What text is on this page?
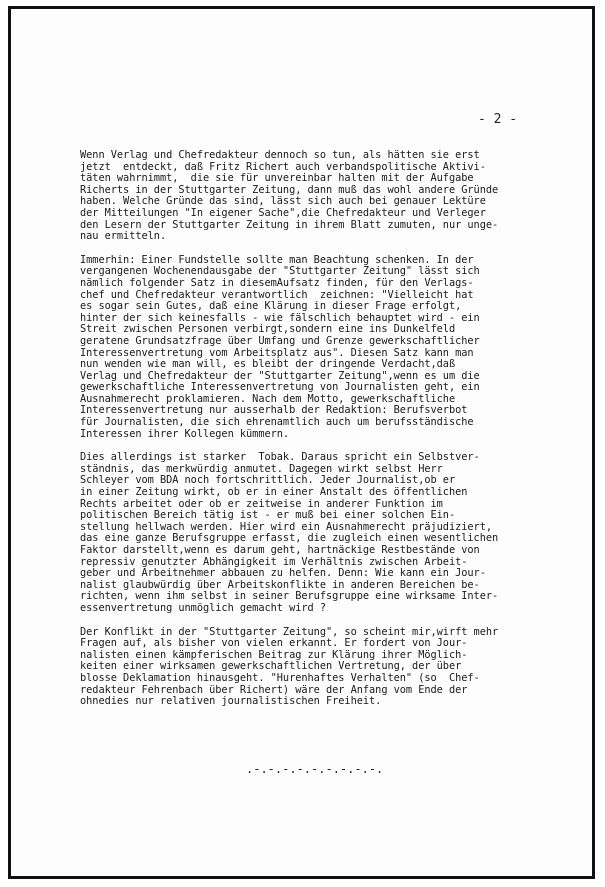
- 2 -

Wenn Verlag und Chefredakteur dennoch so tun, als hätten sie erst
jetzt  entdeckt, daß Fritz Richert auch verbandspolitische Aktivi-
täten wahrnimmt,  die sie für unvereinbar halten mit der Aufgabe
Richerts in der Stuttgarter Zeitung, dann muß das wohl andere Gründe
haben. Welche Gründe das sind, lässt sich auch bei genauer Lektüre
der Mitteilungen "In eigener Sache",die Chefredakteur und Verleger
den Lesern der Stuttgarter Zeitung in ihrem Blatt zumuten, nur unge-
nau ermitteln.

Immerhin: Einer Fundstelle sollte man Beachtung schenken. In der
vergangenen Wochenendausgabe der "Stuttgarter Zeitung" lässt sich
nämlich folgender Satz in diesemAufsatz finden, für den Verlags-
chef und Chefredakteur verantwortlich  zeichnen: "Vielleicht hat
es sogar sein Gutes, daß eine Klärung in dieser Frage erfolgt,
hinter der sich keinesfalls - wie fälschlich behauptet wird - ein
Streit zwischen Personen verbirgt,sondern eine ins Dunkelfeld
geratene Grundsatzfrage über Umfang und Grenze gewerkschaftlicher
Interessenvertretung vom Arbeitsplatz aus". Diesen Satz kann man
nun wenden wie man will, es bleibt der dringende Verdacht,daß
Verlag und Chefredakteur der "Stuttgarter Zeitung",wenn es um die
gewerkschaftliche Interessenvertretung von Journalisten geht, ein
Ausnahmerecht proklamieren. Nach dem Motto, gewerkschaftliche
Interessenvertretung nur ausserhalb der Redaktion: Berufsverbot
für Journalisten, die sich ehrenamtlich auch um berufsständische
Interessen ihrer Kollegen kümmern.

Dies allerdings ist starker  Tobak. Daraus spricht ein Selbstver-
ständnis, das merkwürdig anmutet. Dagegen wirkt selbst Herr
Schleyer vom BDA noch fortschrittlich. Jeder Journalist,ob er
in einer Zeitung wirkt, ob er in einer Anstalt des öffentlichen
Rechts arbeitet oder ob er zeitweise in anderer Funktion im
politischen Bereich tätig ist - er muß bei einer solchen Ein-
stellung hellwach werden. Hier wird ein Ausnahmerecht präjudiziert,
das eine ganze Berufsgruppe erfasst, die zugleich einen wesentlichen
Faktor darstellt,wenn es darum geht, hartnäckige Restbestände von
repressiv genutzter Abhängigkeit im Verhältnis zwischen Arbeit-
geber und Arbeitnehmer abbauen zu helfen. Denn: Wie kann ein Jour-
nalist glaubwürdig über Arbeitskonflikte in anderen Bereichen be-
richten, wenn ihm selbst in seiner Berufsgruppe eine wirksame Inter-
essenvertretung unmöglich gemacht wird ?

Der Konflikt in der "Stuttgarter Zeitung", so scheint mir,wirft mehr
Fragen auf, als bisher von vielen erkannt. Er fordert von Jour-
nalisten einen kämpferischen Beitrag zur Klärung ihrer Möglich-
keiten einer wirksamen gewerkschaftlichen Vertretung, der über
blosse Deklamation hinausgeht. "Hurenhaftes Verhalten" (so  Chef-
redakteur Fehrenbach über Richert) wäre der Anfang vom Ende der
ohnedies nur relativen journalistischen Freiheit.

.-.-.-.-.-.-.-.-.-.
